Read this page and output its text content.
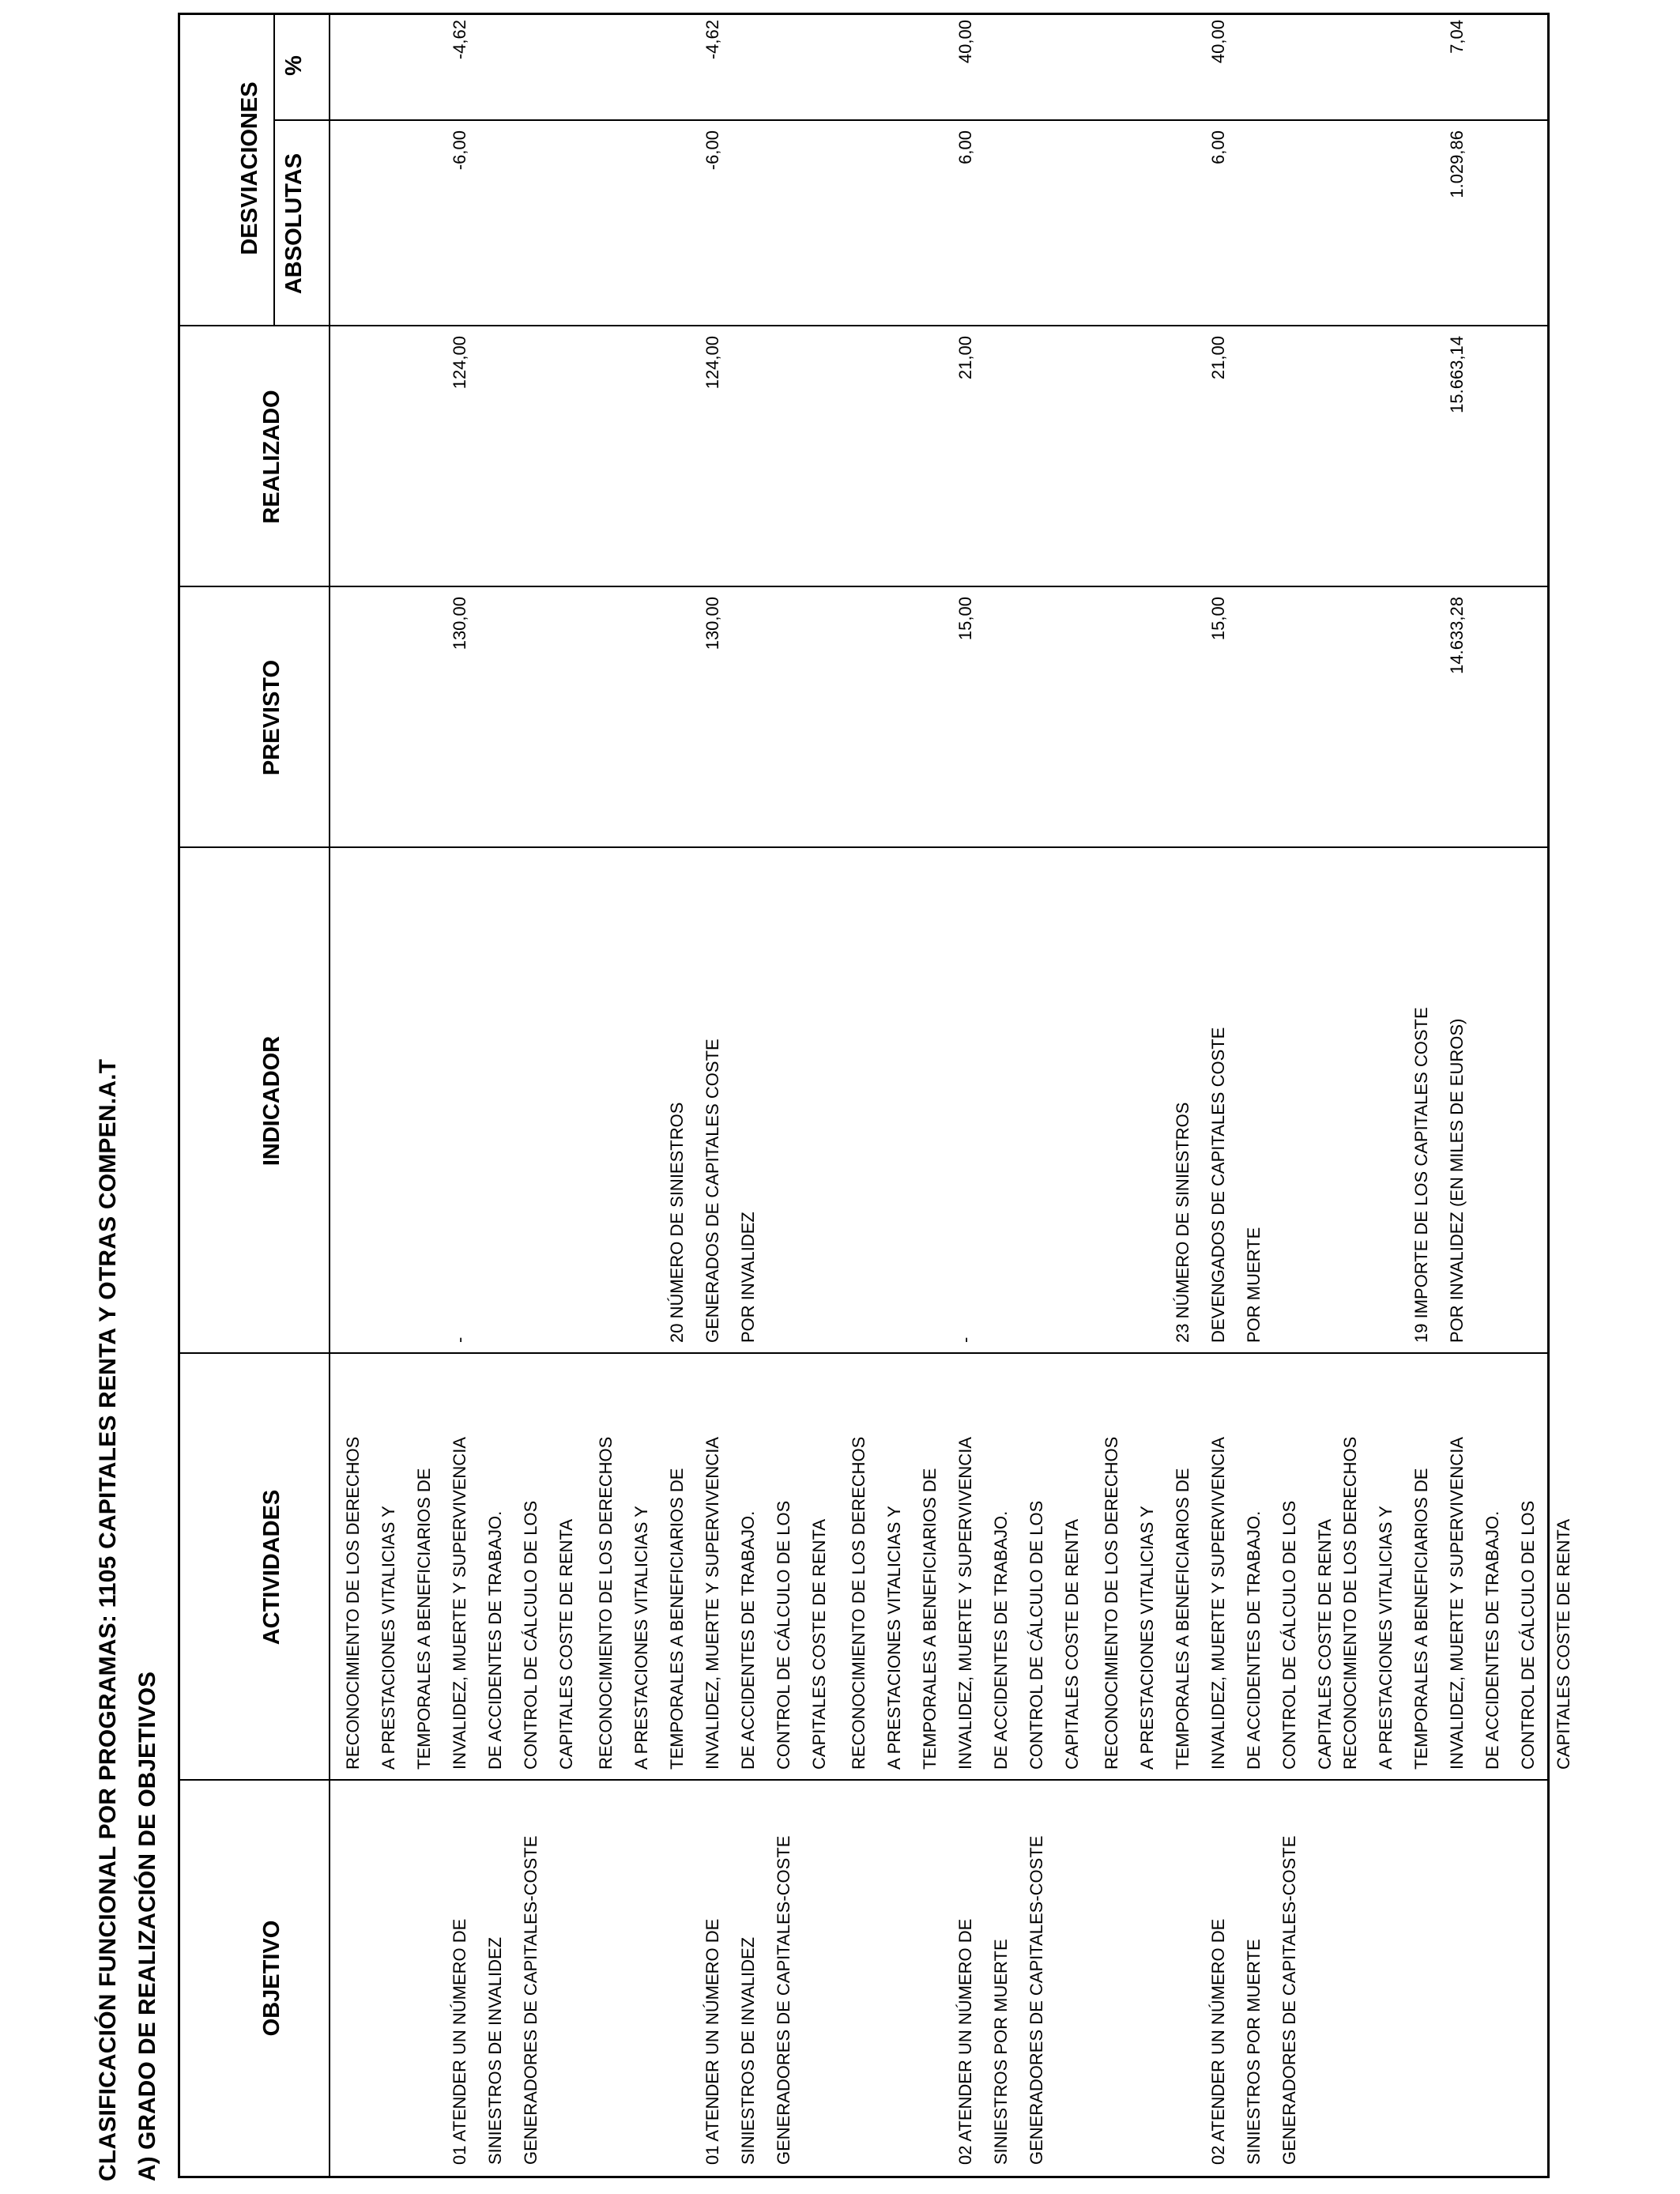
CLASIFICACIÓN FUNCIONAL POR PROGRAMAS: 1105 CAPITALES RENTA Y OTRAS COMPEN.A.T A) GRADO DE REALIZACIÓN DE OBJETIVOS	OBJETIVO
ACTIVIDADES
INDICADOR
PREVISTO
REALIZADO
DESVIACIONES ABSOLUTAS
%
RECONOCIMIENTO DE LOS DERECHOS A PRESTACIONES VITALICIAS Y TEMPORALES A BENEFICIARIOS DE INVALIDEZ, MUERTE Y SUPERVIVENCIA DE ACCIDENTES DE TRABAJO. CONTROL DE CÁLCULO DE LOS CAPITALES COSTE DE RENTA
01 ATENDER UN NÚMERO DE SINIESTROS DE INVALIDEZ GENERADORES DE CAPITALES-COSTE
-
130,00
124,00
-6,00
-4,62
RECONOCIMIENTO DE LOS DERECHOS A PRESTACIONES VITALICIAS Y TEMPORALES A BENEFICIARIOS DE INVALIDEZ, MUERTE Y SUPERVIVENCIA DE ACCIDENTES DE TRABAJO. CONTROL DE CÁLCULO DE LOS CAPITALES COSTE DE RENTA
01 ATENDER UN NÚMERO DE SINIESTROS DE INVALIDEZ GENERADORES DE CAPITALES-COSTE
20 NÚMERO DE SINIESTROS GENERADOS DE CAPITALES COSTE POR INVALIDEZ
130,00
124,00
-6,00
-4,62
RECONOCIMIENTO DE LOS DERECHOS A PRESTACIONES VITALICIAS Y TEMPORALES A BENEFICIARIOS DE INVALIDEZ, MUERTE Y SUPERVIVENCIA DE ACCIDENTES DE TRABAJO. CONTROL DE CÁLCULO DE LOS CAPITALES COSTE DE RENTA
02 ATENDER UN NÚMERO DE SINIESTROS POR MUERTE GENERADORES DE CAPITALES-COSTE
-
15,00
21,00
6,00
40,00
RECONOCIMIENTO DE LOS DERECHOS A PRESTACIONES VITALICIAS Y TEMPORALES A BENEFICIARIOS DE INVALIDEZ, MUERTE Y SUPERVIVENCIA DE ACCIDENTES DE TRABAJO. CONTROL DE CÁLCULO DE LOS CAPITALES COSTE DE RENTA
02 ATENDER UN NÚMERO DE SINIESTROS POR MUERTE GENERADORES DE CAPITALES-COSTE
23 NÚMERO DE SINIESTROS DEVENGADOS DE CAPITALES COSTE POR MUERTE
15,00
21,00
6,00
40,00
RECONOCIMIENTO DE LOS DERECHOS A PRESTACIONES VITALICIAS Y TEMPORALES A BENEFICIARIOS DE INVALIDEZ, MUERTE Y SUPERVIVENCIA DE ACCIDENTES DE TRABAJO. CONTROL DE CÁLCULO DE LOS CAPITALES COSTE DE RENTA
19 IMPORTE DE LOS CAPITALES COSTE POR INVALIDEZ (EN MILES DE EUROS)
14.633,28
15.663,14
1.029,86
7,04
